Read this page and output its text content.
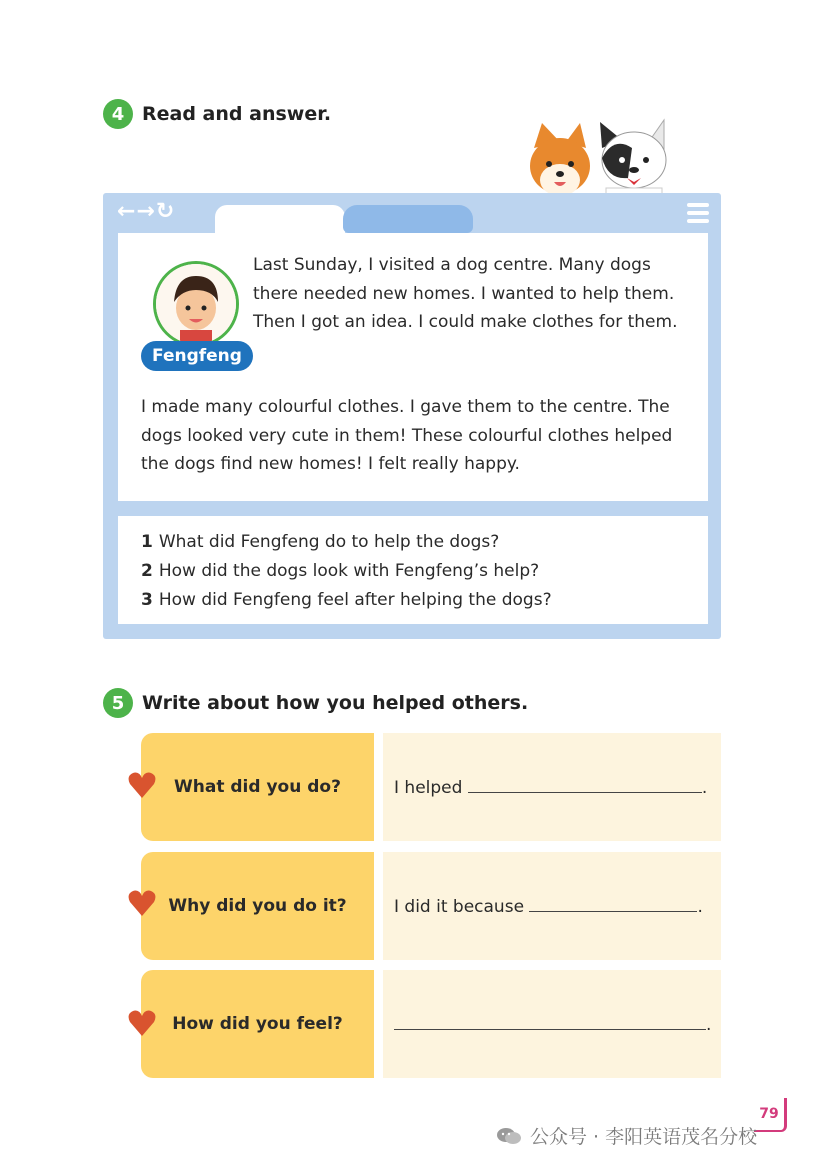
4 Read and answer.
←→↻
Fengfeng
Last Sunday, I visited a dog centre. Many dogs there needed new homes. I wanted to help them. Then I got an idea. I could make clothes for them.
I made many colourful clothes. I gave them to the centre. The dogs looked very cute in them! These colourful clothes helped the dogs find new homes! I felt really happy.
1 What did Fengfeng do to help the dogs?
2 How did the dogs look with Fengfeng’s help?
3 How did Fengfeng feel after helping the dogs?
5 Write about how you helped others.
What did you do?	I helped	.
Why did you do it?	I did it because	.
How did you feel?	.
79
公众号 · 李阳英语茂名分校
